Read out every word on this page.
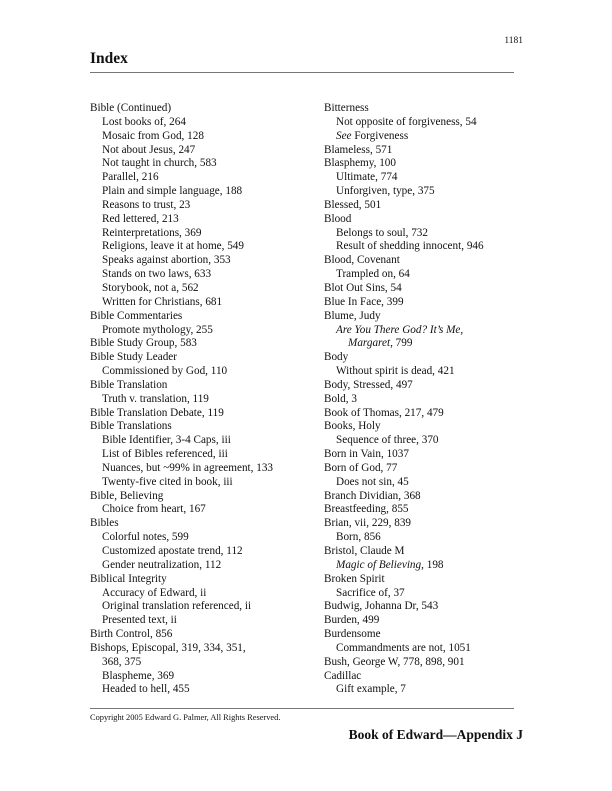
1181
Index
Bible (Continued)
Lost books of, 264
Mosaic from God, 128
Not about Jesus, 247
Not taught in church, 583
Parallel, 216
Plain and simple language, 188
Reasons to trust, 23
Red lettered, 213
Reinterpretations, 369
Religions, leave it at home, 549
Speaks against abortion, 353
Stands on two laws, 633
Storybook, not a, 562
Written for Christians, 681
Bible Commentaries
Promote mythology, 255
Bible Study Group, 583
Bible Study Leader
Commissioned by God, 110
Bible Translation
Truth v. translation, 119
Bible Translation Debate, 119
Bible Translations
Bible Identifier, 3-4 Caps, iii
List of Bibles referenced, iii
Nuances, but ~99% in agreement, 133
Twenty-five cited in book, iii
Bible, Believing
Choice from heart, 167
Bibles
Colorful notes, 599
Customized apostate trend, 112
Gender neutralization, 112
Biblical Integrity
Accuracy of Edward, ii
Original translation referenced, ii
Presented text, ii
Birth Control, 856
Bishops, Episcopal, 319, 334, 351,
368, 375
Blaspheme, 369
Headed to hell, 455
Bitterness
Not opposite of forgiveness, 54
See Forgiveness
Blameless, 571
Blasphemy, 100
Ultimate, 774
Unforgiven, type, 375
Blessed, 501
Blood
Belongs to soul, 732
Result of shedding innocent, 946
Blood, Covenant
Trampled on, 64
Blot Out Sins, 54
Blue In Face, 399
Blume, Judy
Are You There God? It’s Me,
Margaret, 799
Body
Without spirit is dead, 421
Body, Stressed, 497
Bold, 3
Book of Thomas, 217, 479
Books, Holy
Sequence of three, 370
Born in Vain, 1037
Born of God, 77
Does not sin, 45
Branch Dividian, 368
Breastfeeding, 855
Brian, vii, 229, 839
Born, 856
Bristol, Claude M
Magic of Believing, 198
Broken Spirit
Sacrifice of, 37
Budwig, Johanna Dr, 543
Burden, 499
Burdensome
Commandments are not, 1051
Bush, George W, 778, 898, 901
Cadillac
Gift example, 7
Copyright 2005 Edward G. Palmer, All Rights Reserved.
Book of Edward—Appendix J
